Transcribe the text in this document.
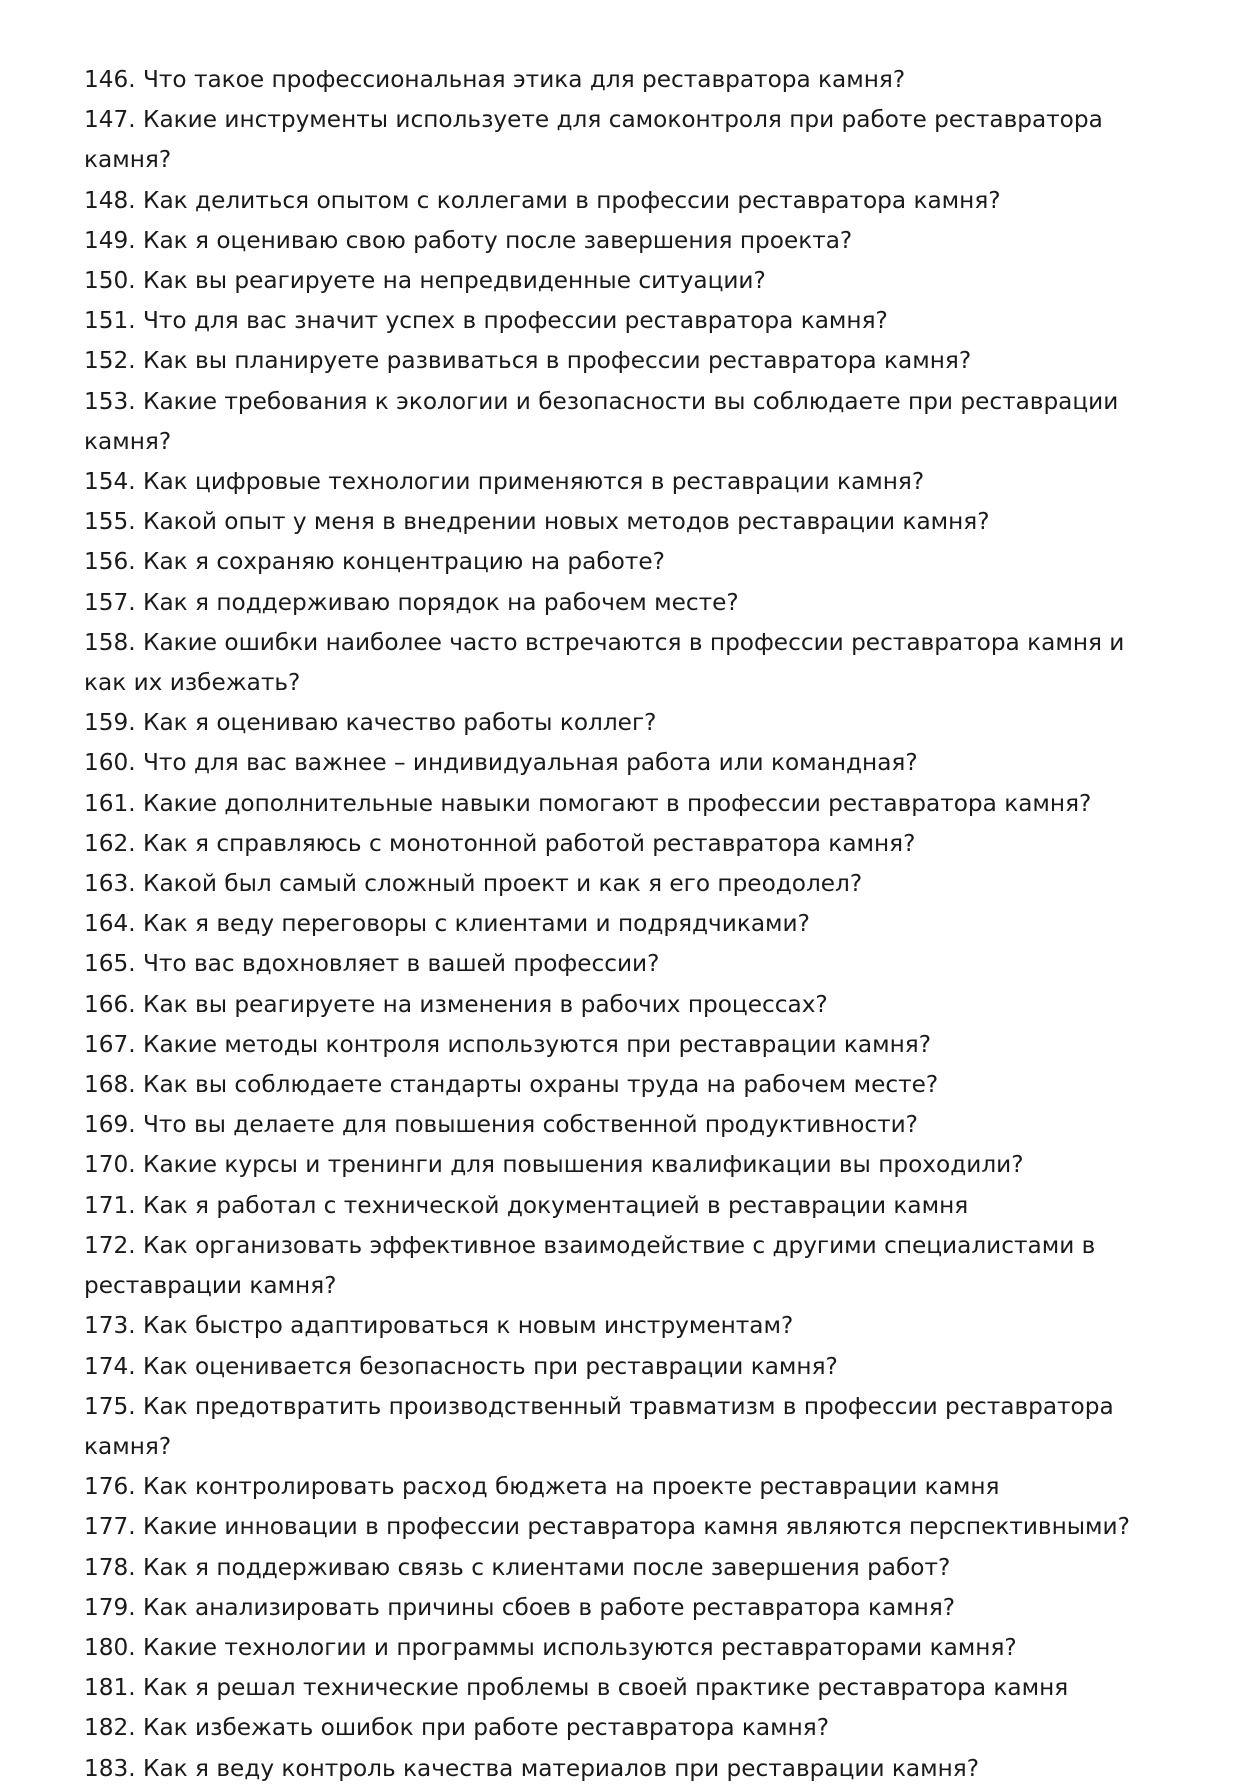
146. Что такое профессиональная этика для реставратора камня?

147. Какие инструменты используете для самоконтроля при работе реставратора камня?

148. Как делиться опытом с коллегами в профессии реставратора камня?

149. Как я оцениваю свою работу после завершения проекта?

150. Как вы реагируете на непредвиденные ситуации?

151. Что для вас значит успех в профессии реставратора камня?

152. Как вы планируете развиваться в профессии реставратора камня?

153. Какие требования к экологии и безопасности вы соблюдаете при реставрации камня?

154. Как цифровые технологии применяются в реставрации камня?

155. Какой опыт у меня в внедрении новых методов реставрации камня?

156. Как я сохраняю концентрацию на работе?

157. Как я поддерживаю порядок на рабочем месте?

158. Какие ошибки наиболее часто встречаются в профессии реставратора камня и как их избежать?

159. Как я оцениваю качество работы коллег?

160. Что для вас важнее – индивидуальная работа или командная?

161. Какие дополнительные навыки помогают в профессии реставратора камня?

162. Как я справляюсь с монотонной работой реставратора камня?

163. Какой был самый сложный проект и как я его преодолел?

164. Как я веду переговоры с клиентами и подрядчиками?

165. Что вас вдохновляет в вашей профессии?

166. Как вы реагируете на изменения в рабочих процессах?

167. Какие методы контроля используются при реставрации камня?

168. Как вы соблюдаете стандарты охраны труда на рабочем месте?

169. Что вы делаете для повышения собственной продуктивности?

170. Какие курсы и тренинги для повышения квалификации вы проходили?

171. Как я работал с технической документацией в реставрации камня

172. Как организовать эффективное взаимодействие с другими специалистами в реставрации камня?

173. Как быстро адаптироваться к новым инструментам?

174. Как оценивается безопасность при реставрации камня?

175. Как предотвратить производственный травматизм в профессии реставратора камня?

176. Как контролировать расход бюджета на проекте реставрации камня

177. Какие инновации в профессии реставратора камня являются перспективными?

178. Как я поддерживаю связь с клиентами после завершения работ?

179. Как анализировать причины сбоев в работе реставратора камня?

180. Какие технологии и программы используются реставраторами камня?

181. Как я решал технические проблемы в своей практике реставратора камня

182. Как избежать ошибок при работе реставратора камня?

183. Как я веду контроль качества материалов при реставрации камня?
